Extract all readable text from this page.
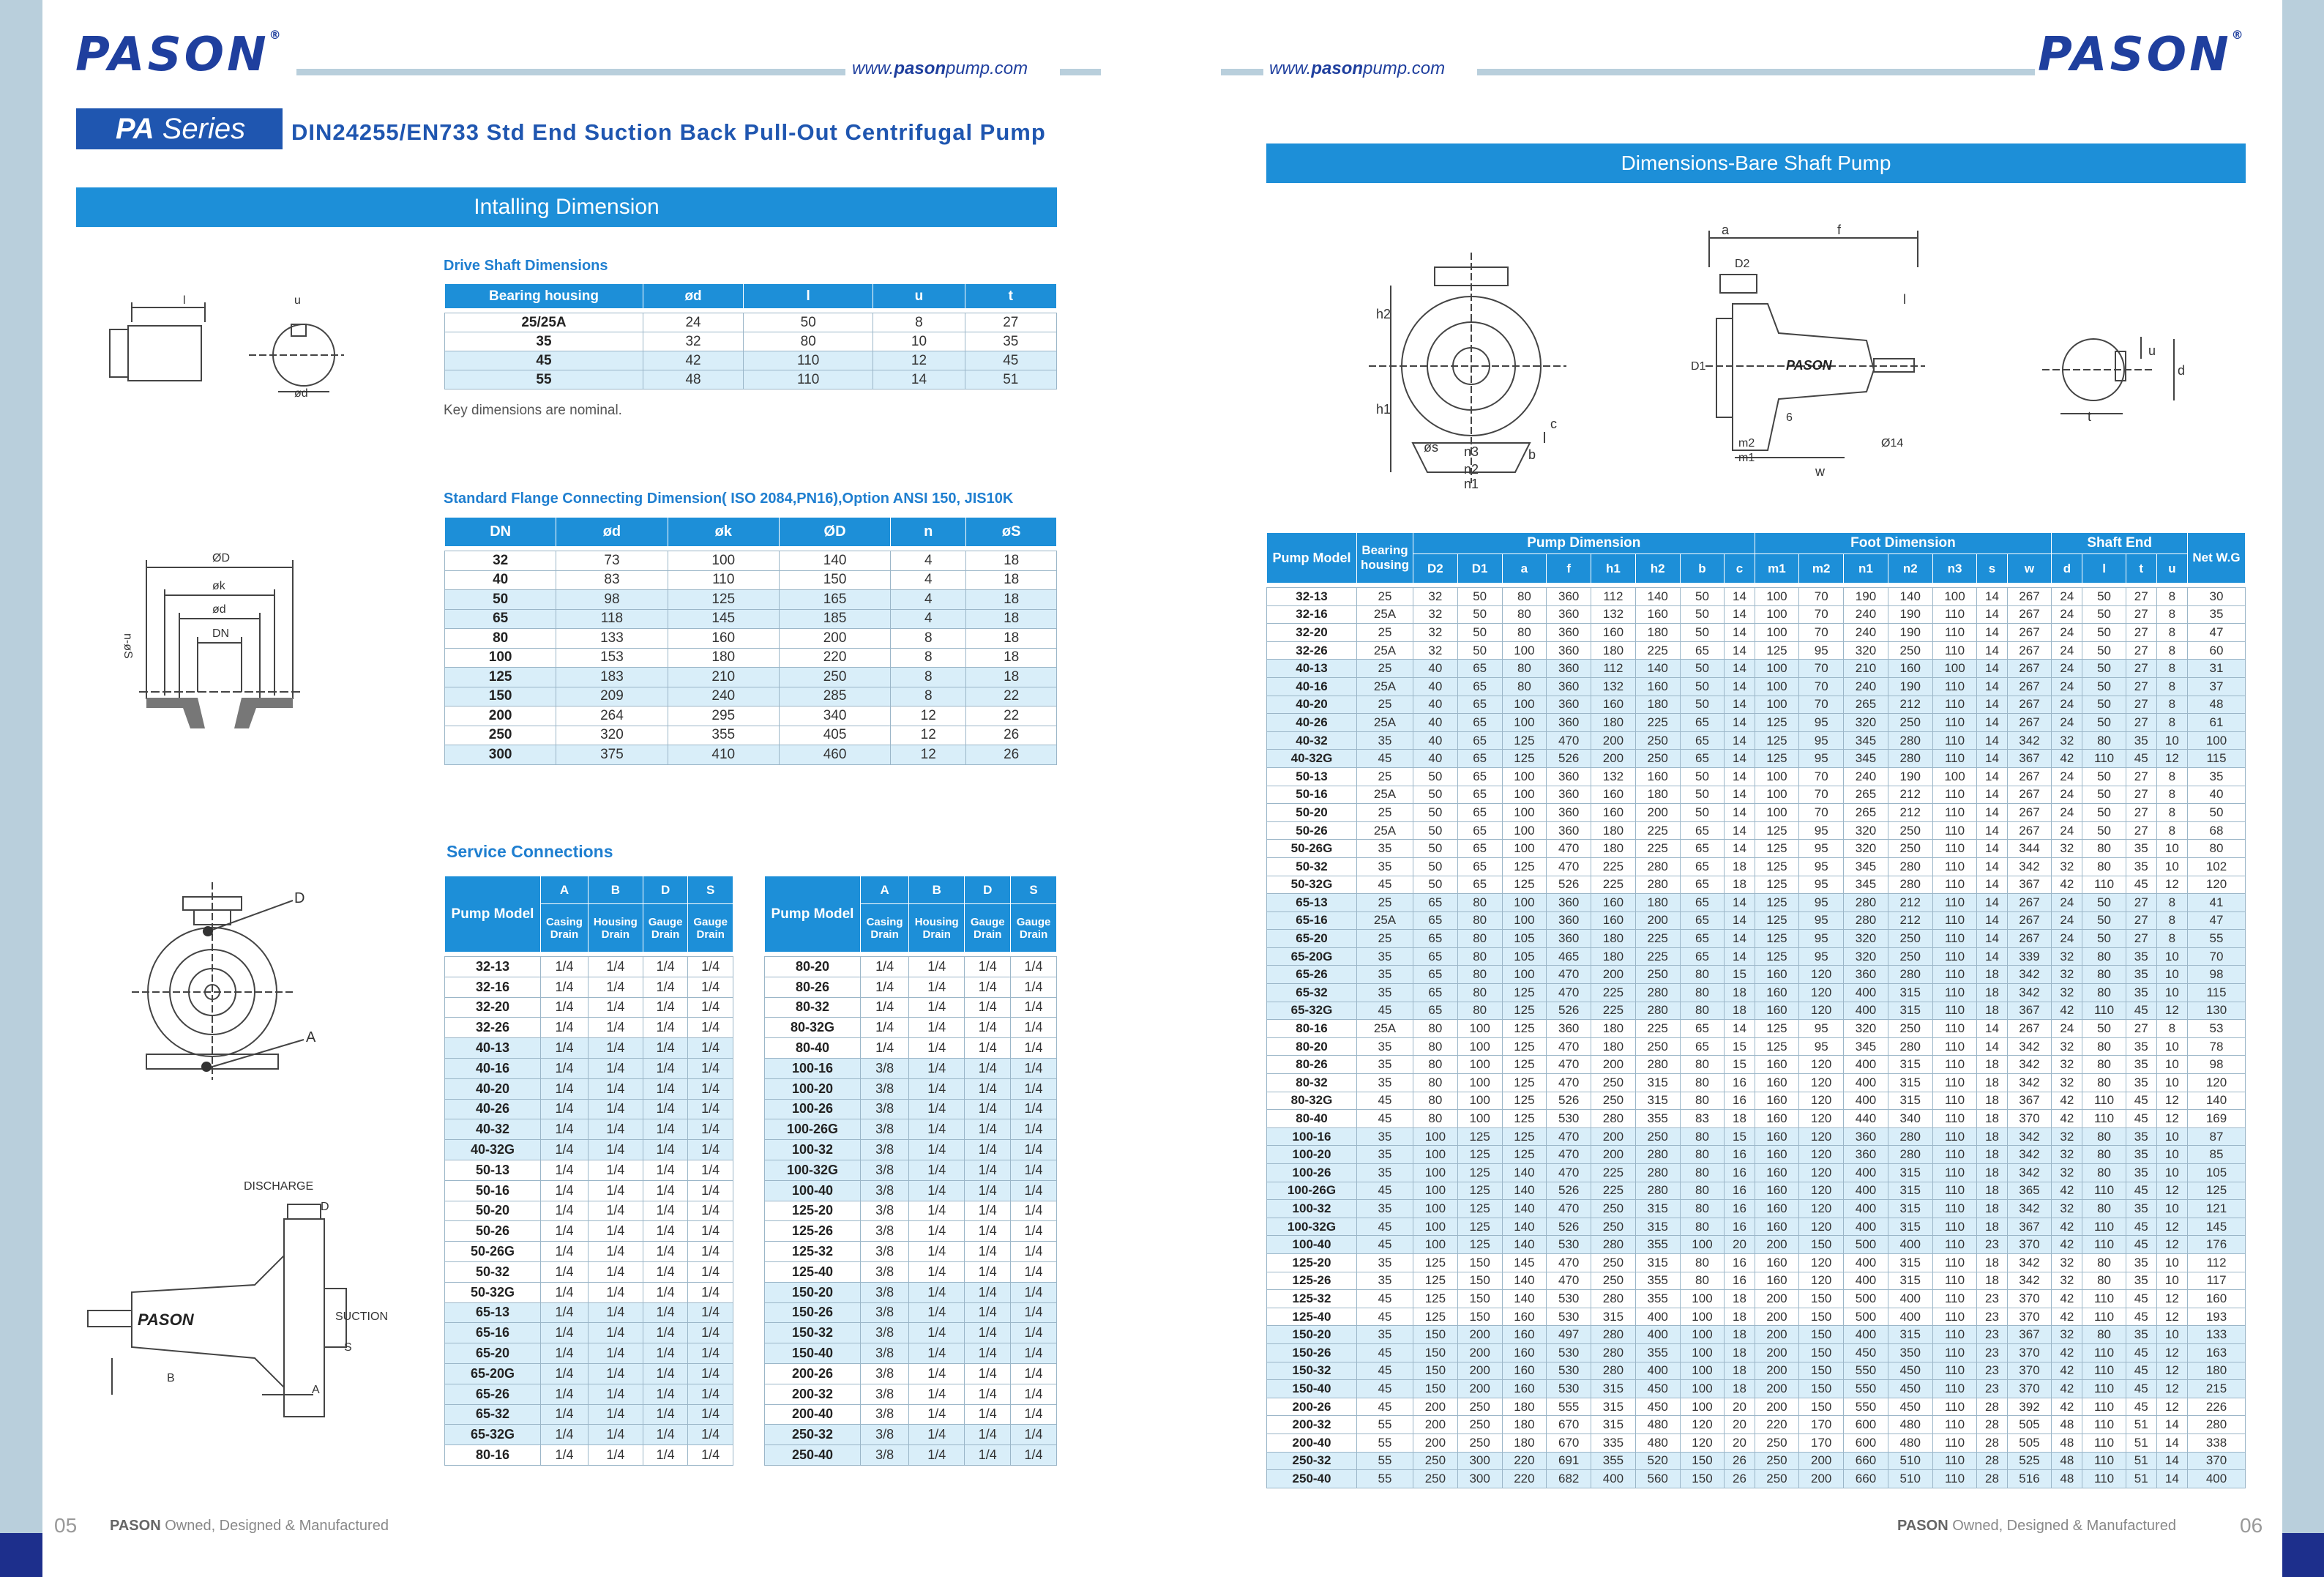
PASON®
www.pasonpump.com
PA Series DIN24255/EN733 Std End Suction Back Pull-Out Centrifugal Pump
Intalling Dimension
www.pasonpump.com	PASON®
Dimensions-Bare Shaft Pump
l	u
ød
Drive Shaft Dimensions
Bearing housing	ød	l	u	t

25/25A	24	50	8	27
35	32	80	10	35
45	42	110	12	45
55	48	110	14	51
Key dimensions are nominal.
ØD
øk
ød
DN
n-øS
Standard Flange Connecting Dimension( ISO 2084,PN16),Option ANSI 150, JIS10K
DN	ød	øk	ØD	n	øS

32	73	100	140	4	18
40	83	110	150	4	18
50	98	125	165	4	18
65	118	145	185	4	18
80	133	160	200	8	18
100	153	180	220	8	18
125	183	210	250	8	18
150	209	240	285	8	22
200	264	295	340	12	22
250	320	355	405	12	26
300	375	410	460	12	26
Service Connections
D
A
PASON
DISCHARGE
D
SUCTION
S
B
A
Pump Model	A	B	D	S
	Casing Drain	Housing Drain	Gauge Drain	Gauge Drain

32-13	1/4	1/4	1/4	1/4
32-16	1/4	1/4	1/4	1/4
32-20	1/4	1/4	1/4	1/4
32-26	1/4	1/4	1/4	1/4
40-13	1/4	1/4	1/4	1/4
40-16	1/4	1/4	1/4	1/4
40-20	1/4	1/4	1/4	1/4
40-26	1/4	1/4	1/4	1/4
40-32	1/4	1/4	1/4	1/4
40-32G	1/4	1/4	1/4	1/4
50-13	1/4	1/4	1/4	1/4
50-16	1/4	1/4	1/4	1/4
50-20	1/4	1/4	1/4	1/4
50-26	1/4	1/4	1/4	1/4
50-26G	1/4	1/4	1/4	1/4
50-32	1/4	1/4	1/4	1/4
50-32G	1/4	1/4	1/4	1/4
65-13	1/4	1/4	1/4	1/4
65-16	1/4	1/4	1/4	1/4
65-20	1/4	1/4	1/4	1/4
65-20G	1/4	1/4	1/4	1/4
65-26	1/4	1/4	1/4	1/4
65-32	1/4	1/4	1/4	1/4
65-32G	1/4	1/4	1/4	1/4
80-16	1/4	1/4	1/4	1/4
Pump Model	A	B	D	S
	Casing Drain	Housing Drain	Gauge Drain	Gauge Drain

80-20	1/4	1/4	1/4	1/4
80-26	1/4	1/4	1/4	1/4
80-32	1/4	1/4	1/4	1/4
80-32G	1/4	1/4	1/4	1/4
80-40	1/4	1/4	1/4	1/4
100-16	3/8	1/4	1/4	1/4
100-20	3/8	1/4	1/4	1/4
100-26	3/8	1/4	1/4	1/4
100-26G	3/8	1/4	1/4	1/4
100-32	3/8	1/4	1/4	1/4
100-32G	3/8	1/4	1/4	1/4
100-40	3/8	1/4	1/4	1/4
125-20	3/8	1/4	1/4	1/4
125-26	3/8	1/4	1/4	1/4
125-32	3/8	1/4	1/4	1/4
125-40	3/8	1/4	1/4	1/4
150-20	3/8	1/4	1/4	1/4
150-26	3/8	1/4	1/4	1/4
150-32	3/8	1/4	1/4	1/4
150-40	3/8	1/4	1/4	1/4
200-26	3/8	1/4	1/4	1/4
200-32	3/8	1/4	1/4	1/4
200-40	3/8	1/4	1/4	1/4
250-32	3/8	1/4	1/4	1/4
250-40	3/8	1/4	1/4	1/4
05 PASON Owned, Designed & Manufactured	PASON Owned, Designed & Manufactured	06
h2
h1
c
b
øs n3
n2
n1
a	f
D2
D1
l
PASON
m2
m1
6
Ø14
w
u
d
t
Pump Model	Bearing housing	Pump Dimension								Foot Dimension							Shaft End				Net W.G
		D2	D1	a	f	h1	h2	b	c	m1	m2	n1	n2	n3	s	w	d	l	t	u	

32-13	25	32	50	80	360	112	140	50	14	100	70	190	140	100	14	267	24	50	27	8	30
32-16	25A	32	50	80	360	132	160	50	14	100	70	240	190	110	14	267	24	50	27	8	35
32-20	25	32	50	80	360	160	180	50	14	100	70	240	190	110	14	267	24	50	27	8	47
32-26	25A	32	50	100	360	180	225	65	14	125	95	320	250	110	14	267	24	50	27	8	60
40-13	25	40	65	80	360	112	140	50	14	100	70	210	160	100	14	267	24	50	27	8	31
40-16	25A	40	65	80	360	132	160	50	14	100	70	240	190	110	14	267	24	50	27	8	37
40-20	25	40	65	100	360	160	180	50	14	100	70	265	212	110	14	267	24	50	27	8	48
40-26	25A	40	65	100	360	180	225	65	14	125	95	320	250	110	14	267	24	50	27	8	61
40-32	35	40	65	125	470	200	250	65	14	125	95	345	280	110	14	342	32	80	35	10	100
40-32G	45	40	65	125	526	200	250	65	14	125	95	345	280	110	14	367	42	110	45	12	115
50-13	25	50	65	100	360	132	160	50	14	100	70	240	190	100	14	267	24	50	27	8	35
50-16	25A	50	65	100	360	160	180	50	14	100	70	265	212	110	14	267	24	50	27	8	40
50-20	25	50	65	100	360	160	200	50	14	100	70	265	212	110	14	267	24	50	27	8	50
50-26	25A	50	65	100	360	180	225	65	14	125	95	320	250	110	14	267	24	50	27	8	68
50-26G	35	50	65	100	470	180	225	65	14	125	95	320	250	110	14	344	32	80	35	10	80
50-32	35	50	65	125	470	225	280	65	18	125	95	345	280	110	14	342	32	80	35	10	102
50-32G	45	50	65	125	526	225	280	65	18	125	95	345	280	110	14	367	42	110	45	12	120
65-13	25	65	80	100	360	160	180	65	14	125	95	280	212	110	14	267	24	50	27	8	41
65-16	25A	65	80	100	360	160	200	65	14	125	95	280	212	110	14	267	24	50	27	8	47
65-20	25	65	80	105	360	180	225	65	14	125	95	320	250	110	14	267	24	50	27	8	55
65-20G	35	65	80	105	465	180	225	65	14	125	95	320	250	110	14	339	32	80	35	10	70
65-26	35	65	80	100	470	200	250	80	15	160	120	360	280	110	18	342	32	80	35	10	98
65-32	35	65	80	125	470	225	280	80	18	160	120	400	315	110	18	342	32	80	35	10	115
65-32G	45	65	80	125	526	225	280	80	18	160	120	400	315	110	18	367	42	110	45	12	130
80-16	25A	80	100	125	360	180	225	65	14	125	95	320	250	110	14	267	24	50	27	8	53
80-20	35	80	100	125	470	180	250	65	15	125	95	345	280	110	14	342	32	80	35	10	78
80-26	35	80	100	125	470	200	280	80	15	160	120	400	315	110	18	342	32	80	35	10	98
80-32	35	80	100	125	470	250	315	80	16	160	120	400	315	110	18	342	32	80	35	10	120
80-32G	45	80	100	125	526	250	315	80	16	160	120	400	315	110	18	367	42	110	45	12	140
80-40	45	80	100	125	530	280	355	83	18	160	120	440	340	110	18	370	42	110	45	12	169
100-16	35	100	125	125	470	200	250	80	15	160	120	360	280	110	18	342	32	80	35	10	87
100-20	35	100	125	125	470	200	280	80	16	160	120	360	280	110	18	342	32	80	35	10	85
100-26	35	100	125	140	470	225	280	80	16	160	120	400	315	110	18	342	32	80	35	10	105
100-26G	45	100	125	140	526	225	280	80	16	160	120	400	315	110	18	365	42	110	45	12	125
100-32	35	100	125	140	470	250	315	80	16	160	120	400	315	110	18	342	32	80	35	10	121
100-32G	45	100	125	140	526	250	315	80	16	160	120	400	315	110	18	367	42	110	45	12	145
100-40	45	100	125	140	530	280	355	100	20	200	150	500	400	110	23	370	42	110	45	12	176
125-20	35	125	150	145	470	250	315	80	16	160	120	400	315	110	18	342	32	80	35	10	112
125-26	35	125	150	140	470	250	355	80	16	160	120	400	315	110	18	342	32	80	35	10	117
125-32	45	125	150	140	530	280	355	100	18	200	150	500	400	110	23	370	42	110	45	12	160
125-40	45	125	150	160	530	315	400	100	18	200	150	500	400	110	23	370	42	110	45	12	193
150-20	35	150	200	160	497	280	400	100	18	200	150	400	315	110	23	367	32	80	35	10	133
150-26	45	150	200	160	530	280	355	100	18	200	150	450	350	110	23	370	42	110	45	12	163
150-32	45	150	200	160	530	280	400	100	18	200	150	550	450	110	23	370	42	110	45	12	180
150-40	45	150	200	160	530	315	450	100	18	200	150	550	450	110	23	370	42	110	45	12	215
200-26	45	200	250	180	555	315	450	100	20	200	150	550	450	110	28	392	42	110	45	12	226
200-32	55	200	250	180	670	315	480	120	20	220	170	600	480	110	28	505	48	110	51	14	280
200-40	55	200	250	180	670	335	480	120	20	250	170	600	480	110	28	505	48	110	51	14	338
250-32	55	250	300	220	691	355	520	150	26	250	200	660	510	110	28	525	48	110	51	14	370
250-40	55	250	300	220	682	400	560	150	26	250	200	660	510	110	28	516	48	110	51	14	400
